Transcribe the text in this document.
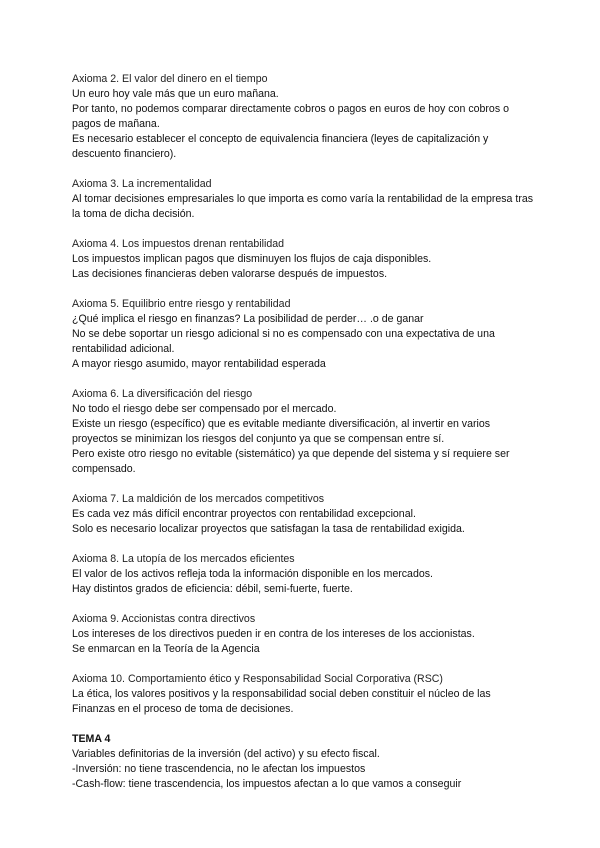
Axioma 2. El valor del dinero en el tiempo
Un euro hoy vale más que un euro mañana.
Por tanto, no podemos comparar directamente cobros o pagos en euros de hoy con cobros o pagos de mañana.
Es necesario establecer el concepto de equivalencia financiera (leyes de capitalización y descuento financiero).
Axioma 3. La incrementalidad
Al tomar decisiones empresariales lo que importa es como varía la rentabilidad de la empresa tras la toma de dicha decisión.
Axioma 4. Los impuestos drenan rentabilidad
Los impuestos implican pagos que disminuyen los flujos de caja disponibles.
Las decisiones financieras deben valorarse después de impuestos.
Axioma 5. Equilibrio entre riesgo y rentabilidad
¿Qué implica el riesgo en finanzas? La posibilidad de perder… .o de ganar
No se debe soportar un riesgo adicional si no es compensado con una expectativa de una rentabilidad adicional.
A mayor riesgo asumido, mayor rentabilidad esperada
Axioma 6. La diversificación del riesgo
No todo el riesgo debe ser compensado por el mercado.
Existe un riesgo (específico) que es evitable mediante diversificación, al invertir en varios proyectos se minimizan los riesgos del conjunto ya que se compensan entre sí.
Pero existe otro riesgo no evitable (sistemático) ya que depende del sistema y sí requiere ser compensado.
Axioma 7. La maldición de los mercados competitivos
Es cada vez más difícil encontrar proyectos con rentabilidad excepcional.
Solo es necesario localizar proyectos que satisfagan la tasa de rentabilidad exigida.
Axioma 8. La utopía de los mercados eficientes
El valor de los activos refleja toda la información disponible en los mercados.
Hay distintos grados de eficiencia: débil, semi-fuerte, fuerte.
Axioma 9. Accionistas contra directivos
Los intereses de los directivos pueden ir en contra de los intereses de los accionistas.
Se enmarcan en la Teoría de la Agencia
Axioma 10. Comportamiento ético y Responsabilidad Social Corporativa (RSC)
La ética, los valores positivos y la responsabilidad social deben constituir el núcleo de las Finanzas en el proceso de toma de decisiones.
TEMA 4
Variables definitorias de la inversión (del activo) y su efecto fiscal.
-Inversión: no tiene trascendencia, no le afectan los impuestos
-Cash-flow: tiene trascendencia, los impuestos afectan a lo que vamos a conseguir
